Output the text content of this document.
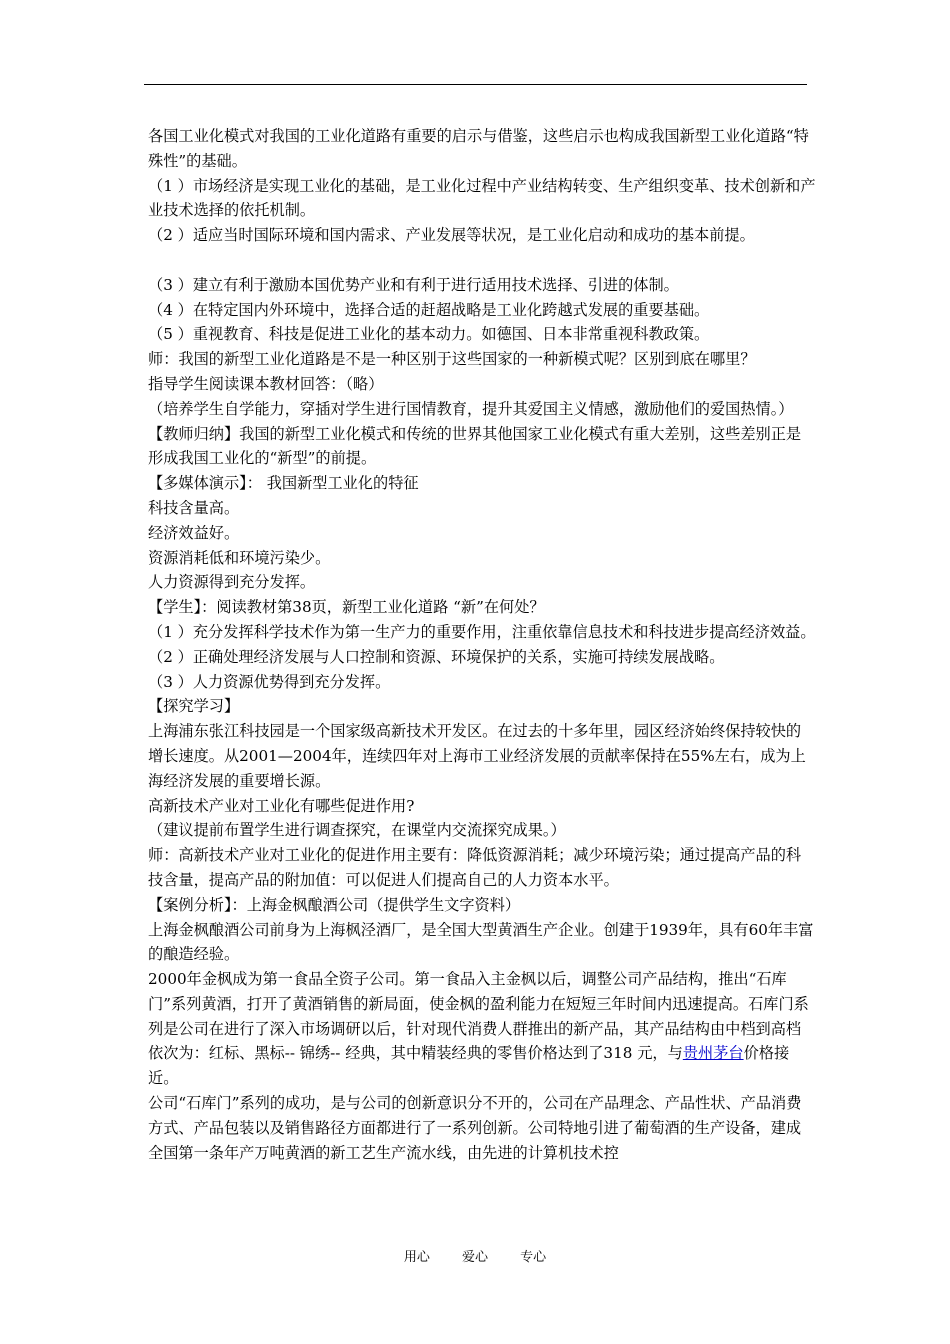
各国工业化模式对我国的工业化道路有重要的启示与借鉴，这些启示也构成我国新型工业化道路“特殊性”的基础。

（1 ）市场经济是实现工业化的基础，是工业化过程中产业结构转变、生产组织变革、技术创新和产业技术选择的依托机制。

（2 ）适应当时国际环境和国内需求、产业发展等状况，是工业化启动和成功的基本前提。

（3 ）建立有利于激励本国优势产业和有利于进行适用技术选择、引进的体制。

（4 ）在特定国内外环境中，选择合适的赶超战略是工业化跨越式发展的重要基础。

（5 ）重视教育、科技是促进工业化的基本动力。如德国、日本非常重视科教政策。

师：我国的新型工业化道路是不是一种区别于这些国家的一种新模式呢？区别到底在哪里？

指导学生阅读课本教材回答：（略）

（培养学生自学能力，穿插对学生进行国情教育，提升其爱国主义情感，激励他们的爱国热情。）

【教师归纳】我国的新型工业化模式和传统的世界其他国家工业化模式有重大差别，这些差别正是形成我国工业化的“新型”的前提。

【多媒体演示】： 我国新型工业化的特征

科技含量高。

经济效益好。

资源消耗低和环境污染少。

人力资源得到充分发挥。

【学生】：阅读教材第38页，新型工业化道路 “新”在何处？

（1 ）充分发挥科学技术作为第一生产力的重要作用，注重依靠信息技术和科技进步提高经济效益。

（2 ）正确处理经济发展与人口控制和资源、环境保护的关系，实施可持续发展战略。

（3 ）人力资源优势得到充分发挥。

【探究学习】

上海浦东张江科技园是一个国家级高新技术开发区。在过去的十多年里，园区经济始终保持较快的增长速度。从2001—2004年，连续四年对上海市工业经济发展的贡献率保持在55%左右，成为上海经济发展的重要增长源。

高新技术产业对工业化有哪些促进作用?

（建议提前布置学生进行调查探究，在课堂内交流探究成果。）

师：高新技术产业对工业化的促进作用主要有：降低资源消耗；减少环境污染；通过提高产品的科技含量，提高产品的附加值：可以促进人们提高自己的人力资本水平。

【案例分析】：上海金枫酿酒公司（提供学生文字资料）

上海金枫酿酒公司前身为上海枫泾酒厂，是全国大型黄酒生产企业。创建于1939年，具有60年丰富的酿造经验。

2000年金枫成为第一食品全资子公司。第一食品入主金枫以后，调整公司产品结构，推出“石库门”系列黄酒，打开了黄酒销售的新局面，使金枫的盈利能力在短短三年时间内迅速提高。石库门系列是公司在进行了深入市场调研以后，针对现代消费人群推出的新产品，其产品结构由中档到高档依次为：红标、黑标-- 锦绣-- 经典，其中精装经典的零售价格达到了318 元，与贵州茅台价格接近。

公司“石库门”系列的成功，是与公司的创新意识分不开的，公司在产品理念、产品性状、产品消费方式、产品包装以及销售路径方面都进行了一系列创新。公司特地引进了葡萄酒的生产设备，建成全国第一条年产万吨黄酒的新工艺生产流水线，由先进的计算机技术控

用心 爱心 专心
